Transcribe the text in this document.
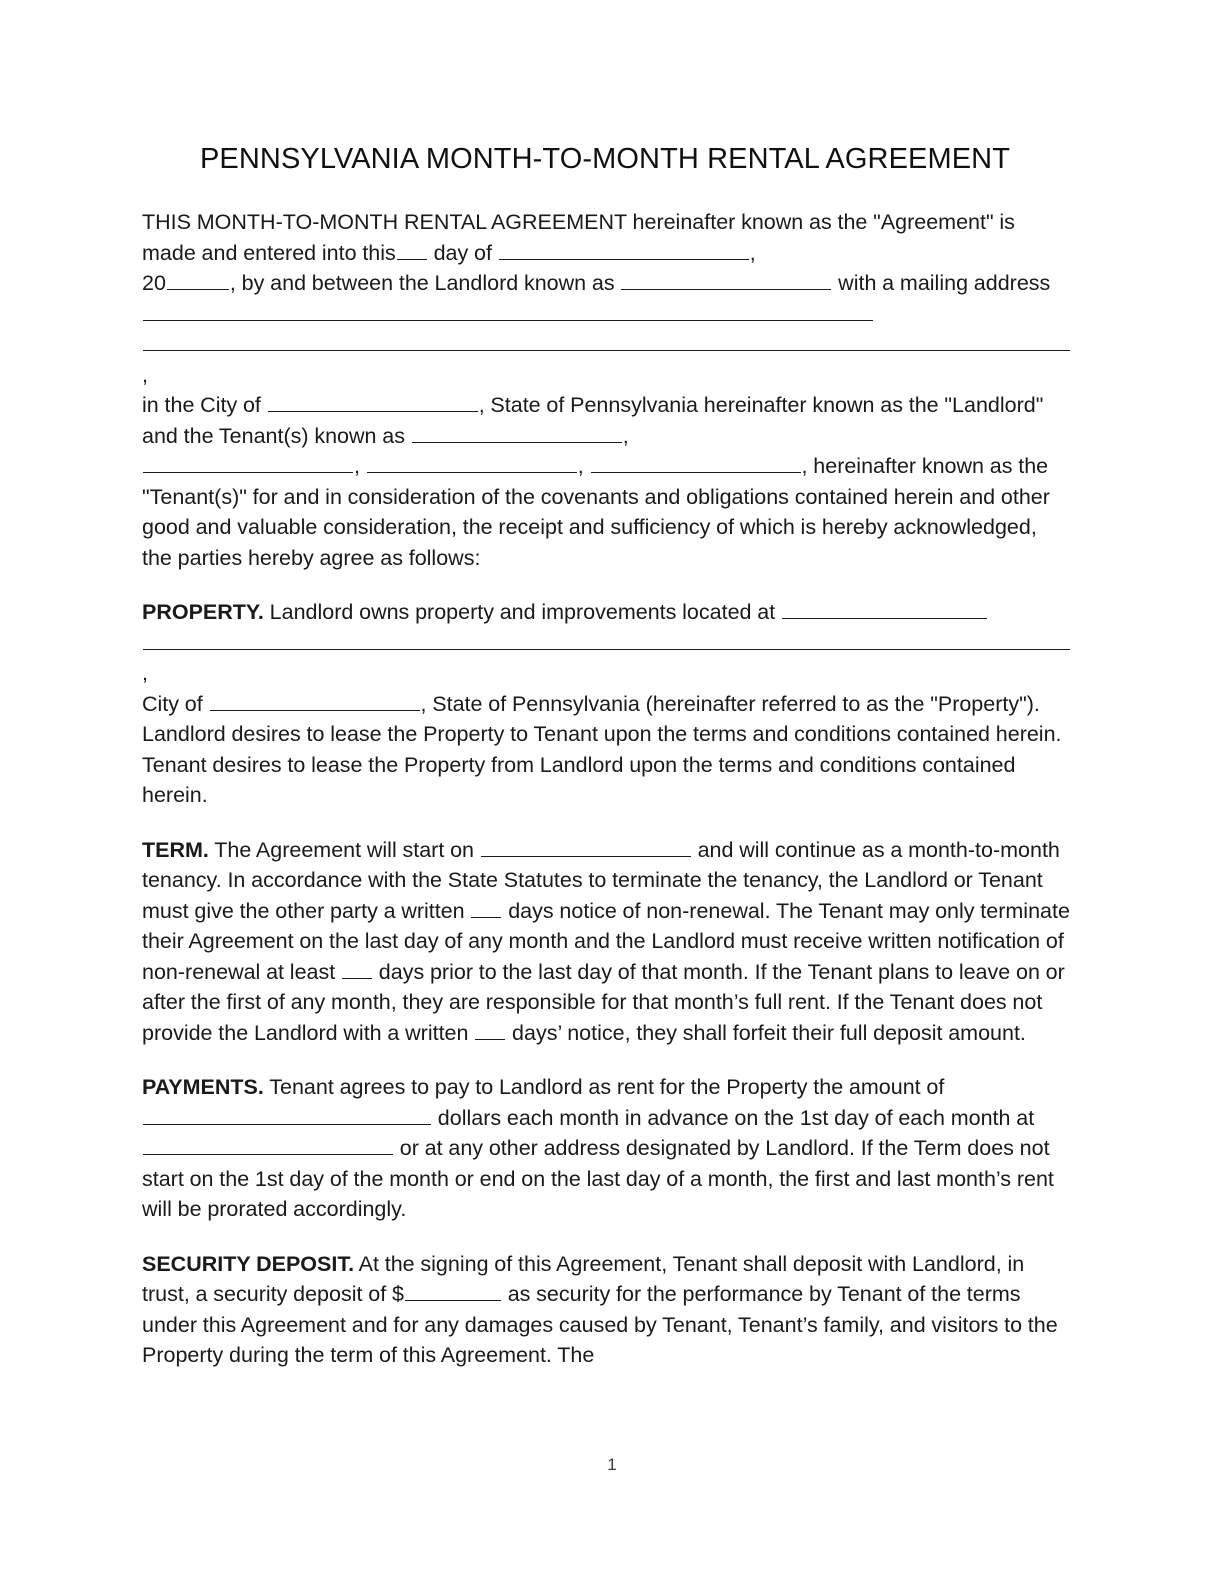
PENNSYLVANIA MONTH-TO-MONTH RENTAL AGREEMENT

THIS MONTH-TO-MONTH RENTAL AGREEMENT hereinafter known as the "Agreement" is made and entered into this day of	,
20	, by and between the Landlord known as	with a mailing address
,
in the City of	, State of Pennsylvania hereinafter known as the "Landlord" and the Tenant(s) known as	,
,	,	, hereinafter known as the "Tenant(s)" for and in consideration of the covenants and obligations contained herein and other good and valuable consideration, the receipt and sufficiency of which is hereby acknowledged, the parties hereby agree as follows:

PROPERTY. Landlord owns property and improvements located at
,
City of	, State of Pennsylvania (hereinafter referred to as the "Property"). Landlord desires to lease the Property to Tenant upon the terms and conditions contained herein. Tenant desires to lease the Property from Landlord upon the terms and conditions contained herein.

TERM. The Agreement will start on	and will continue as a month-to-month tenancy. In accordance with the State Statutes to terminate the tenancy, the Landlord or Tenant must give the other party a written days notice of non-renewal. The Tenant may only terminate their Agreement on the last day of any month and the Landlord must receive written notification of non-renewal at least days prior to the last day of that month. If the Tenant plans to leave on or after the first of any month, they are responsible for that month’s full rent. If the Tenant does not provide the Landlord with a written days’ notice, they shall forfeit their full deposit amount.

PAYMENTS. Tenant agrees to pay to Landlord as rent for the Property the amount of  dollars each month in advance on the 1st day of each month at  or at any other address designated by Landlord. If the Term does not start on the 1st day of the month or end on the last day of a month, the first and last month’s rent will be prorated accordingly.

SECURITY DEPOSIT. At the signing of this Agreement, Tenant shall deposit with Landlord, in trust, a security deposit of $	as security for the performance by Tenant of the terms under this Agreement and for any damages caused by Tenant, Tenant’s family, and visitors to the Property during the term of this Agreement. The

1
